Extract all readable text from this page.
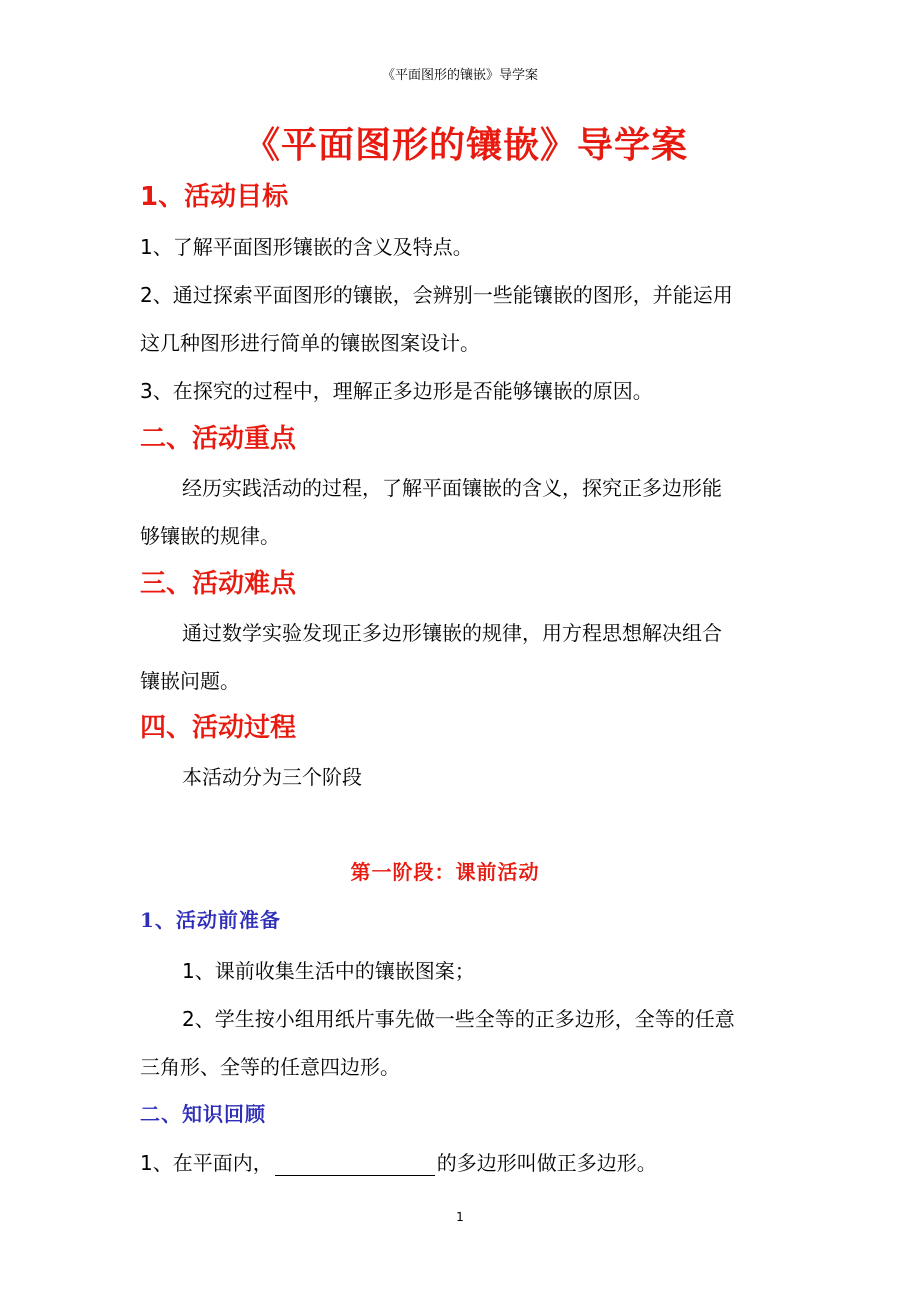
《平面图形的镶嵌》导学案
《平面图形的镶嵌》导学案
1、活动目标
1、了解平面图形镶嵌的含义及特点。
2、通过探索平面图形的镶嵌，会辨别一些能镶嵌的图形，并能运用
这几种图形进行简单的镶嵌图案设计。
3、在探究的过程中，理解正多边形是否能够镶嵌的原因。
二、活动重点
经历实践活动的过程，了解平面镶嵌的含义，探究正多边形能
够镶嵌的规律。
三、活动难点
通过数学实验发现正多边形镶嵌的规律，用方程思想解决组合
镶嵌问题。
四、活动过程
本活动分为三个阶段
第一阶段：课前活动
1、活动前准备
1、课前收集生活中的镶嵌图案；
2、学生按小组用纸片事先做一些全等的正多边形，全等的任意
三角形、全等的任意四边形。
二、知识回顾
1、在平面内，	的多边形叫做正多边形。
1
